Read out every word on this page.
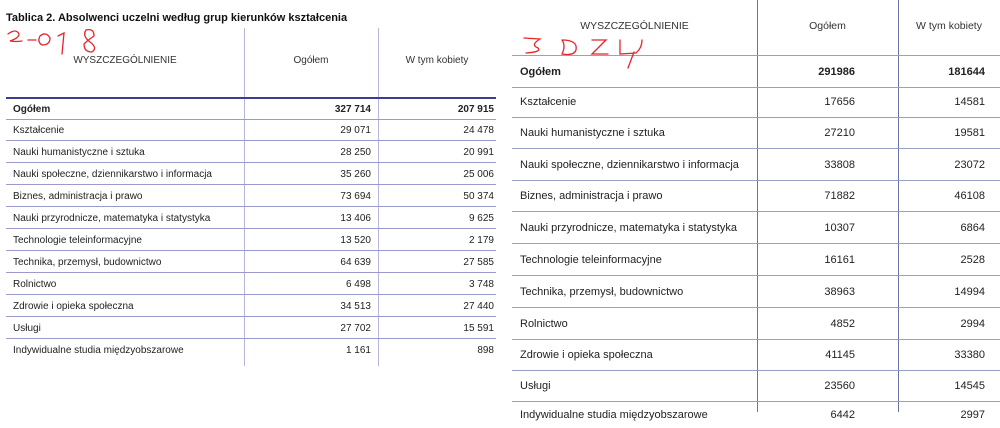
Tablica 2. Absolwenci uczelni według grup kierunków kształcenia
WYSZCZEGÓLNIENIE	Ogółem	W tym kobiety
Ogółem	327 714	207 915
Kształcenie	29 071	24 478
Nauki humanistyczne i sztuka	28 250	20 991
Nauki społeczne, dziennikarstwo i informacja	35 260	25 006
Biznes, administracja i prawo	73 694	50 374
Nauki przyrodnicze, matematyka i statystyka	13 406	9 625
Technologie teleinformacyjne	13 520	2 179
Technika, przemysł, budownictwo	64 639	27 585
Rolnictwo	6 498	3 748
Zdrowie i opieka społeczna	34 513	27 440
Usługi	27 702	15 591
Indywidualne studia międzyobszarowe	1 161	898
WYSZCZEGÓLNIENIE	Ogółem	W tym kobiety
Ogółem	291986	181644
Kształcenie	17656	14581
Nauki humanistyczne i sztuka	27210	19581
Nauki społeczne, dziennikarstwo i informacja	33808	23072
Biznes, administracja i prawo	71882	46108
Nauki przyrodnicze, matematyka i statystyka	10307	6864
Technologie teleinformacyjne	16161	2528
Technika, przemysł, budownictwo	38963	14994
Rolnictwo	4852	2994
Zdrowie i opieka społeczna	41145	33380
Usługi	23560	14545
Indywidualne studia międzyobszarowe	6442	2997
